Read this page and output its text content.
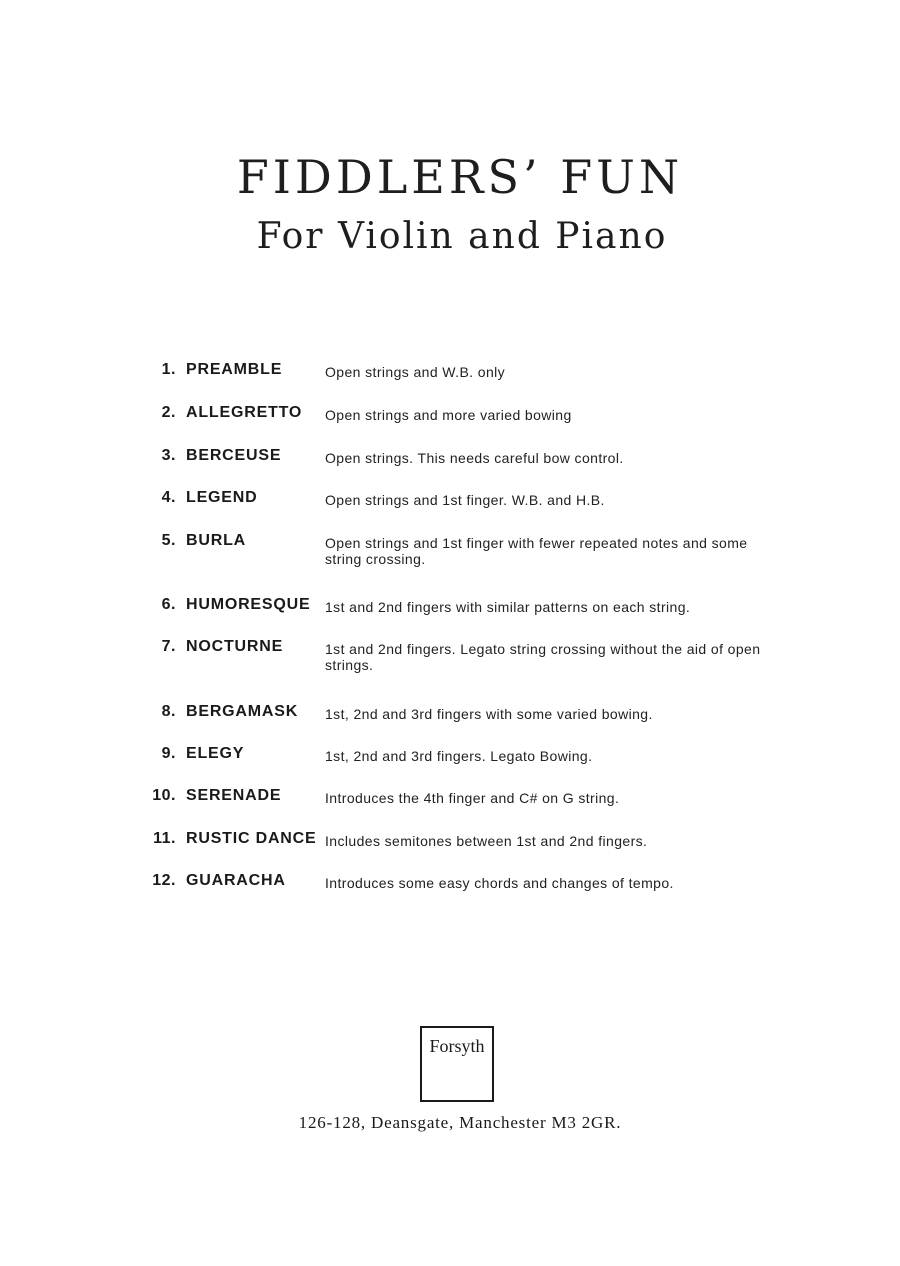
FIDDLERS’ FUN
For Violin and Piano
1. PREAMBLE	Open strings and W.B. only
2. ALLEGRETTO Open strings and more varied bowing
3. BERCEUSE	Open strings. This needs careful bow control.
4. LEGEND	Open strings and 1st finger. W.B. and H.B.
5. BURLA	Open strings and 1st finger with fewer repeated notes and some string crossing.
6. HUMORESQUE 1st and 2nd fingers with similar patterns on each string.
7. NOCTURNE	1st and 2nd fingers. Legato string crossing without the aid of open strings.
8. BERGAMASK 1st, 2nd and 3rd fingers with some varied bowing.
9. ELEGY	1st, 2nd and 3rd fingers. Legato Bowing.
10. SERENADE	Introduces the 4th finger and C# on G string.
11. RUSTIC DANCE Includes semitones between 1st and 2nd fingers.
12. GUARACHA	Introduces some easy chords and changes of tempo.
Forsyth
126-128, Deansgate, Manchester M3 2GR.
